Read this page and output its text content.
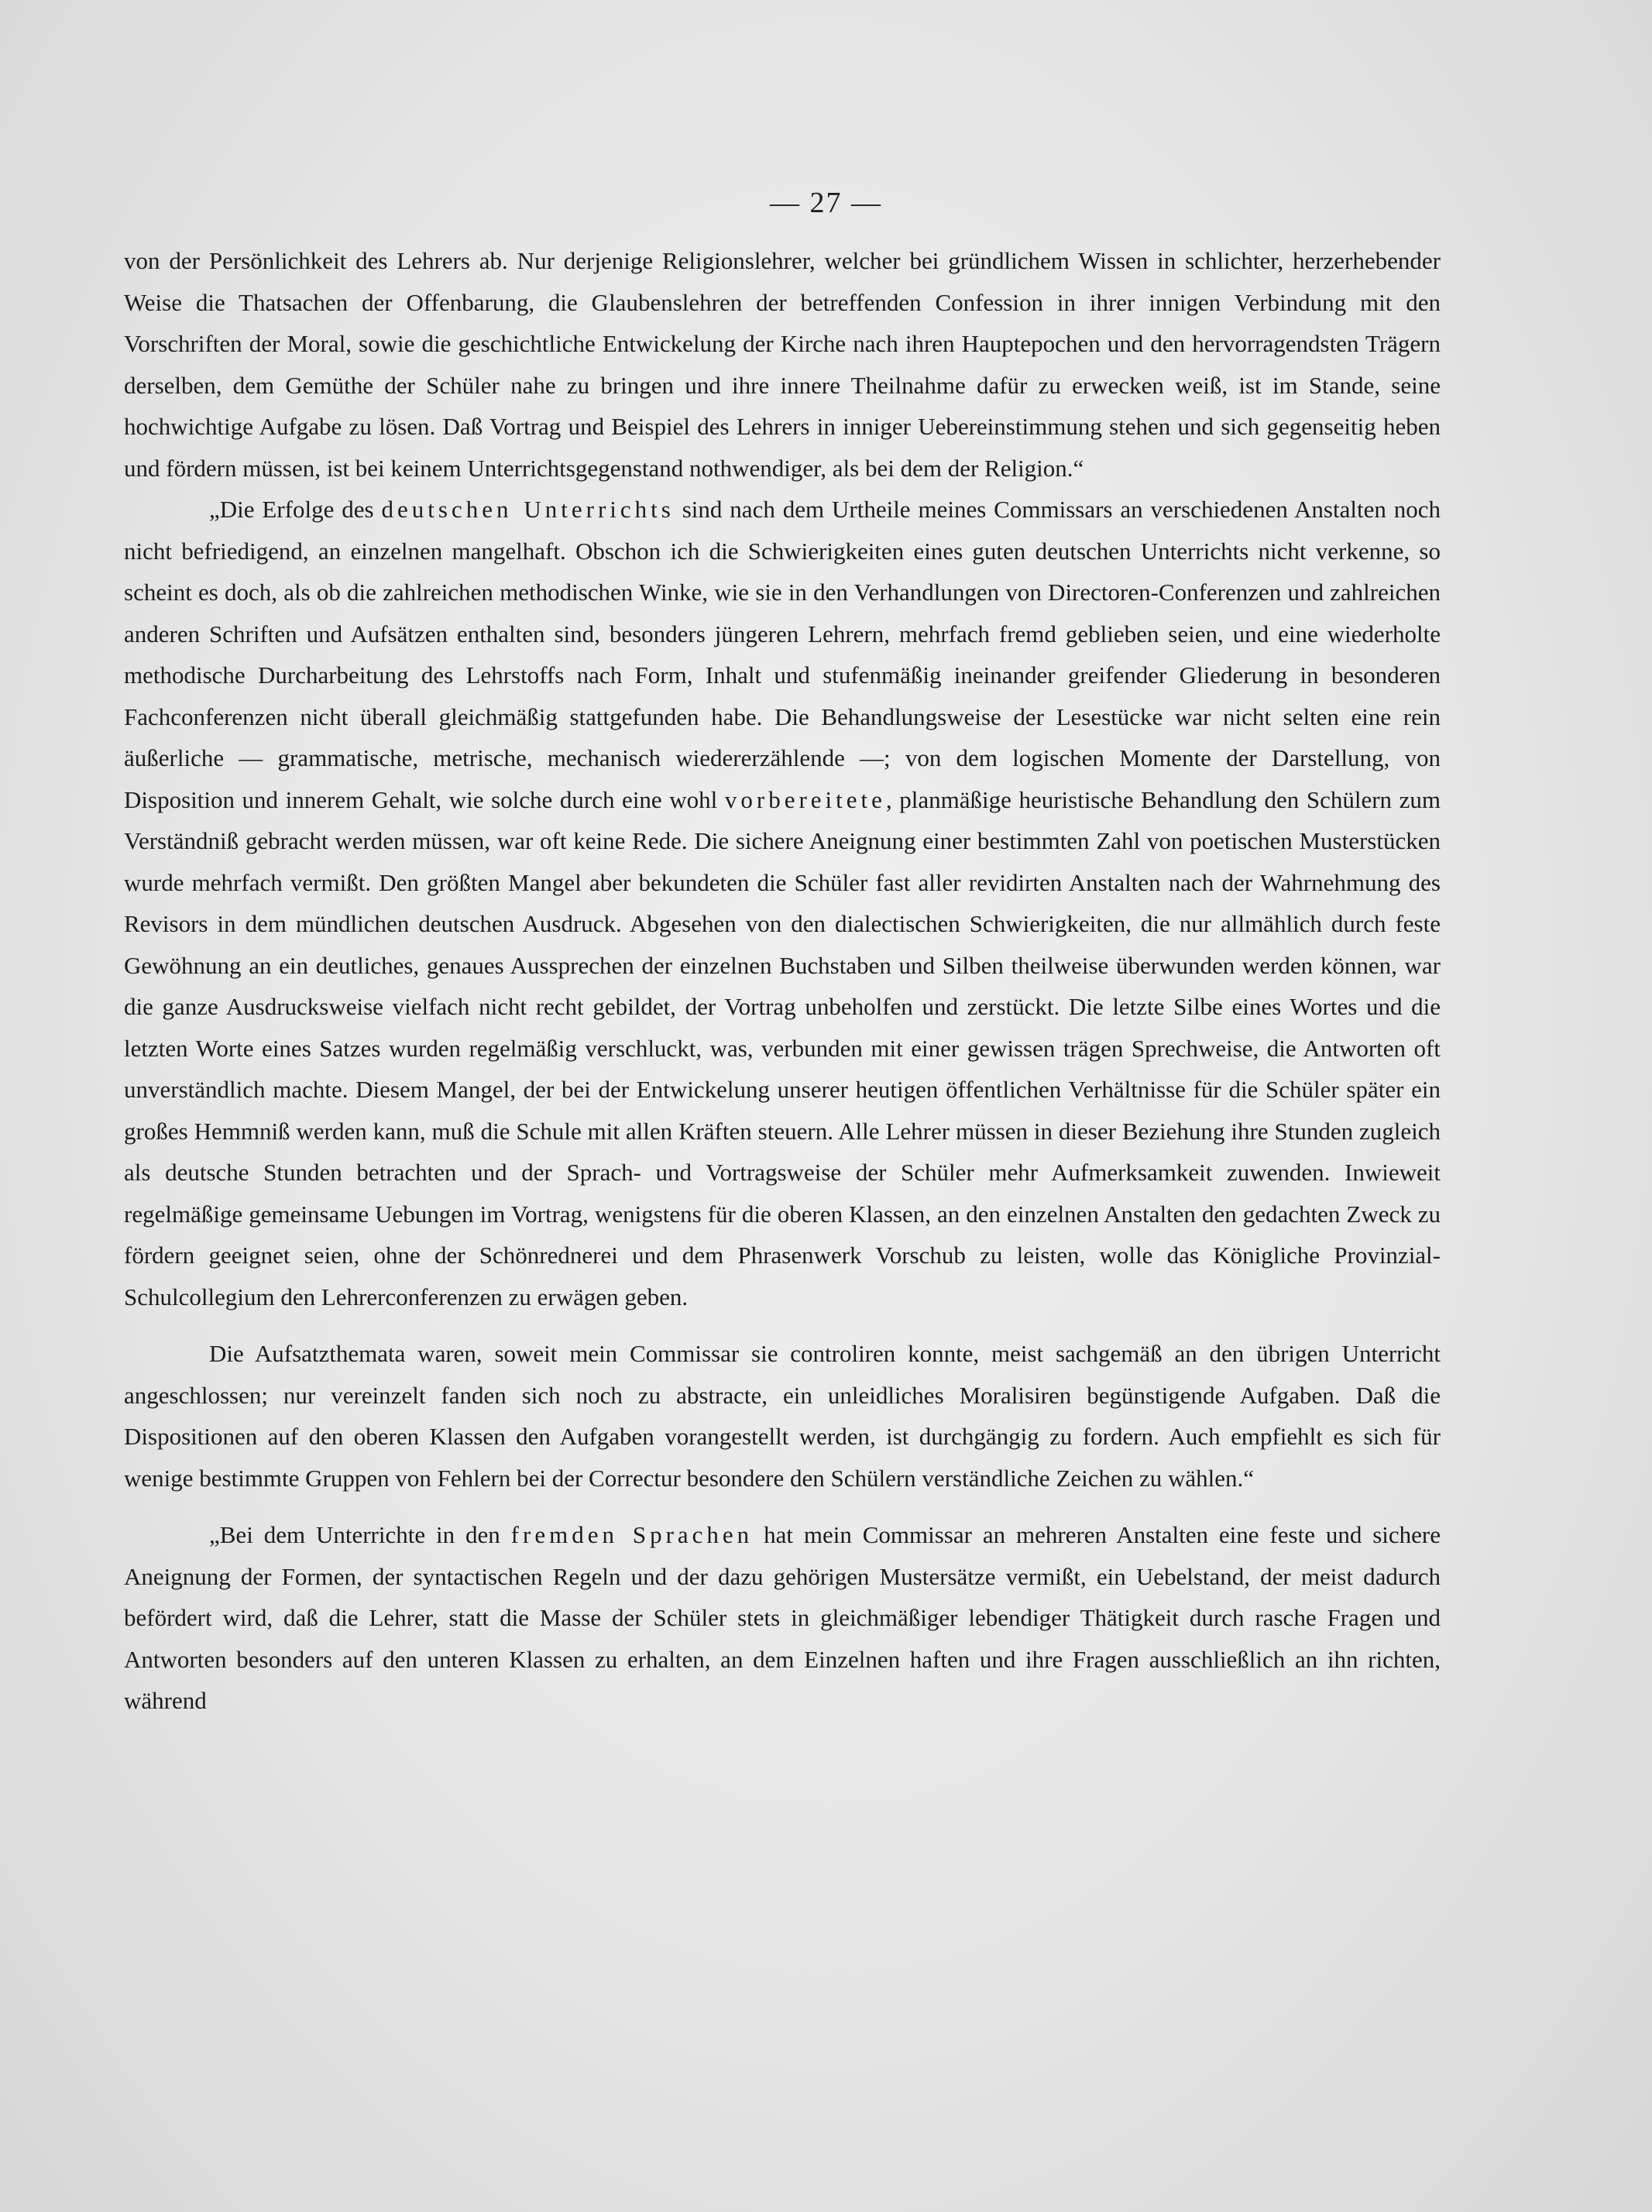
— 27 —

von der Persönlichkeit des Lehrers ab. Nur derjenige Religionslehrer, welcher bei gründlichem Wissen in schlichter, herzerhebender Weise die Thatsachen der Offenbarung, die Glaubenslehren der betreffenden Confession in ihrer innigen Verbindung mit den Vorschriften der Moral, sowie die geschichtliche Entwickelung der Kirche nach ihren Hauptepochen und den hervorragendsten Trägern derselben, dem Gemüthe der Schüler nahe zu bringen und ihre innere Theilnahme dafür zu erwecken weiß, ist im Stande, seine hochwichtige Aufgabe zu lösen. Daß Vortrag und Beispiel des Lehrers in inniger Uebereinstimmung stehen und sich gegenseitig heben und fördern müssen, ist bei keinem Unterrichtsgegenstand nothwendiger, als bei dem der Religion.“

„Die Erfolge des deutschen Unterrichts sind nach dem Urtheile meines Commissars an verschiedenen Anstalten noch nicht befriedigend, an einzelnen mangelhaft. Obschon ich die Schwierigkeiten eines guten deutschen Unterrichts nicht verkenne, so scheint es doch, als ob die zahlreichen methodischen Winke, wie sie in den Verhandlungen von Directoren-Conferenzen und zahlreichen anderen Schriften und Aufsätzen enthalten sind, besonders jüngeren Lehrern, mehrfach fremd geblieben seien, und eine wiederholte methodische Durcharbeitung des Lehrstoffs nach Form, Inhalt und stufenmäßig ineinander greifender Gliederung in besonderen Fachconferenzen nicht überall gleichmäßig stattgefunden habe. Die Behandlungsweise der Lesestücke war nicht selten eine rein äußerliche — grammatische, metrische, mechanisch wiedererzählende —; von dem logischen Momente der Darstellung, von Disposition und innerem Gehalt, wie solche durch eine wohl vorbereitete, planmäßige heuristische Behandlung den Schülern zum Verständniß gebracht werden müssen, war oft keine Rede. Die sichere Aneignung einer bestimmten Zahl von poetischen Musterstücken wurde mehrfach vermißt. Den größten Mangel aber bekundeten die Schüler fast aller revidirten Anstalten nach der Wahrnehmung des Revisors in dem mündlichen deutschen Ausdruck. Abgesehen von den dialectischen Schwierigkeiten, die nur allmählich durch feste Gewöhnung an ein deutliches, genaues Aussprechen der einzelnen Buchstaben und Silben theilweise überwunden werden können, war die ganze Ausdrucksweise vielfach nicht recht gebildet, der Vortrag unbeholfen und zerstückt. Die letzte Silbe eines Wortes und die letzten Worte eines Satzes wurden regelmäßig verschluckt, was, verbunden mit einer gewissen trägen Sprechweise, die Antworten oft unverständlich machte. Diesem Mangel, der bei der Entwickelung unserer heutigen öffentlichen Verhältnisse für die Schüler später ein großes Hemmniß werden kann, muß die Schule mit allen Kräften steuern. Alle Lehrer müssen in dieser Beziehung ihre Stunden zugleich als deutsche Stunden betrachten und der Sprach- und Vortragsweise der Schüler mehr Aufmerksamkeit zuwenden. Inwieweit regelmäßige gemeinsame Uebungen im Vortrag, wenigstens für die oberen Klassen, an den einzelnen Anstalten den gedachten Zweck zu fördern geeignet seien, ohne der Schönrednerei und dem Phrasenwerk Vorschub zu leisten, wolle das Königliche Provinzial-Schulcollegium den Lehrerconferenzen zu erwägen geben.

Die Aufsatzthemata waren, soweit mein Commissar sie controliren konnte, meist sachgemäß an den übrigen Unterricht angeschlossen; nur vereinzelt fanden sich noch zu abstracte, ein unleidliches Moralisiren begünstigende Aufgaben. Daß die Dispositionen auf den oberen Klassen den Aufgaben vorangestellt werden, ist durchgängig zu fordern. Auch empfiehlt es sich für wenige bestimmte Gruppen von Fehlern bei der Correctur besondere den Schülern verständliche Zeichen zu wählen.“

„Bei dem Unterrichte in den fremden Sprachen hat mein Commissar an mehreren Anstalten eine feste und sichere Aneignung der Formen, der syntactischen Regeln und der dazu gehörigen Mustersätze vermißt, ein Uebelstand, der meist dadurch befördert wird, daß die Lehrer, statt die Masse der Schüler stets in gleichmäßiger lebendiger Thätigkeit durch rasche Fragen und Antworten besonders auf den unteren Klassen zu erhalten, an dem Einzelnen haften und ihre Fragen ausschließlich an ihn richten, während
